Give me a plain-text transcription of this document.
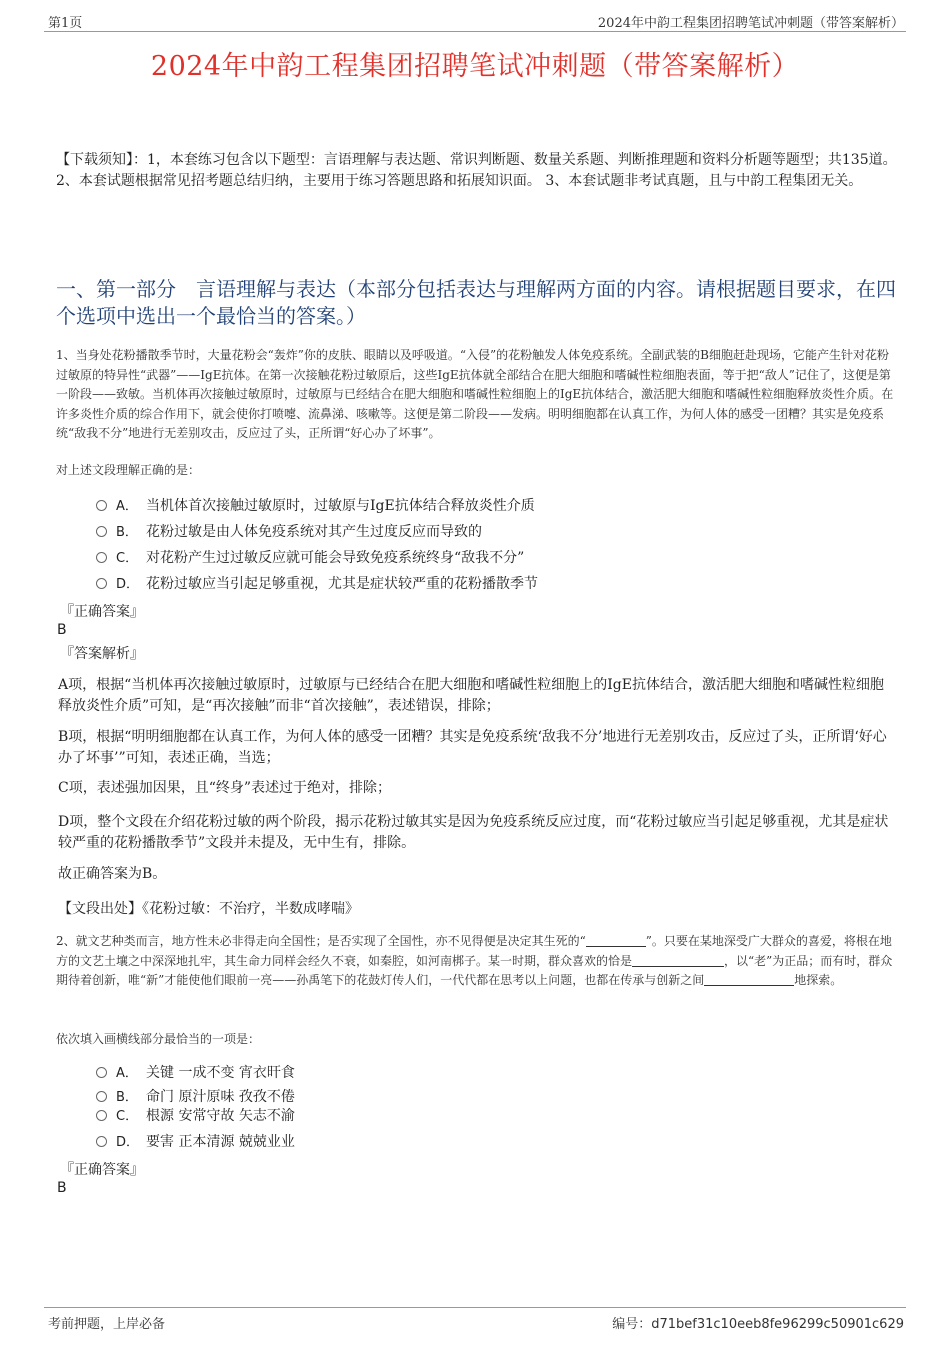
第1页	2024年中韵工程集团招聘笔试冲刺题（带答案解析）
2024年中韵工程集团招聘笔试冲刺题（带答案解析）
【下载须知】：1，本套练习包含以下题型：言语理解与表达题、常识判断题、数量关系题、判断推理题和资料分析题等题型；共135道。 2、本套试题根据常见招考题总结归纳，主要用于练习答题思路和拓展知识面。 3、本套试题非考试真题，且与中韵工程集团无关。
一、第一部分　言语理解与表达（本部分包括表达与理解两方面的内容。请根据题目要求，在四个选项中选出一个最恰当的答案。）
1、当身处花粉播散季节时，大量花粉会“轰炸”你的皮肤、眼睛以及呼吸道。“入侵”的花粉触发人体免疫系统。全副武装的B细胞赶赴现场，它能产生针对花粉过敏原的特异性“武器”——IgE抗体。在第一次接触花粉过敏原后，这些IgE抗体就全部结合在肥大细胞和嗜碱性粒细胞表面，等于把“敌人”记住了，这便是第一阶段——致敏。当机体再次接触过敏原时，过敏原与已经结合在肥大细胞和嗜碱性粒细胞上的IgE抗体结合，激活肥大细胞和嗜碱性粒细胞释放炎性介质。在许多炎性介质的综合作用下，就会使你打喷嚏、流鼻涕、咳嗽等。这便是第二阶段——发病。明明细胞都在认真工作，为何人体的感受一团糟？其实是免疫系统“敌我不分”地进行无差别攻击，反应过了头，正所谓“好心办了坏事”。
对上述文段理解正确的是：
A． 当机体首次接触过敏原时，过敏原与IgE抗体结合释放炎性介质
B． 花粉过敏是由人体免疫系统对其产生过度反应而导致的
C． 对花粉产生过过敏反应就可能会导致免疫系统终身“敌我不分”
D． 花粉过敏应当引起足够重视，尤其是症状较严重的花粉播散季节
『正确答案』
B
『答案解析』
A项，根据“当机体再次接触过敏原时，过敏原与已经结合在肥大细胞和嗜碱性粒细胞上的IgE抗体结合，激活肥大细胞和嗜碱性粒细胞释放炎性介质”可知，是“再次接触”而非“首次接触”，表述错误，排除；
B项，根据“明明细胞都在认真工作，为何人体的感受一团糟？其实是免疫系统‘敌我不分’地进行无差别攻击，反应过了头，正所谓‘好心办了坏事’”可知，表述正确，当选；
C项，表述强加因果，且“终身”表述过于绝对，排除；
D项，整个文段在介绍花粉过敏的两个阶段，揭示花粉过敏其实是因为免疫系统反应过度，而“花粉过敏应当引起足够重视，尤其是症状较严重的花粉播散季节”文段并未提及，无中生有，排除。
故正确答案为B。
【文段出处】《花粉过敏：不治疗，半数成哮喘》
2、就文艺种类而言，地方性未必非得走向全国性；是否实现了全国性，亦不见得便是决定其生死的“	”。只要在某地深受广大群众的喜爱，将根在地方的文艺土壤之中深深地扎牢，其生命力同样会经久不衰，如秦腔，如河南梆子。某一时期，群众喜欢的恰是	，以“老”为正品；而有时，群众期待着创新，唯“新”才能使他们眼前一亮——孙禹笔下的花鼓灯传人们，一代代都在思考以上问题，也都在传承与创新之间	地探索。
依次填入画横线部分最恰当的一项是：
A． 关键 一成不变 宵衣旰食
B． 命门 原汁原味 孜孜不倦
C． 根源 安常守故 矢志不渝
D． 要害 正本清源 兢兢业业
『正确答案』
B
考前押题，上岸必备	编号：d71bef31c10eeb8fe96299c50901c629
